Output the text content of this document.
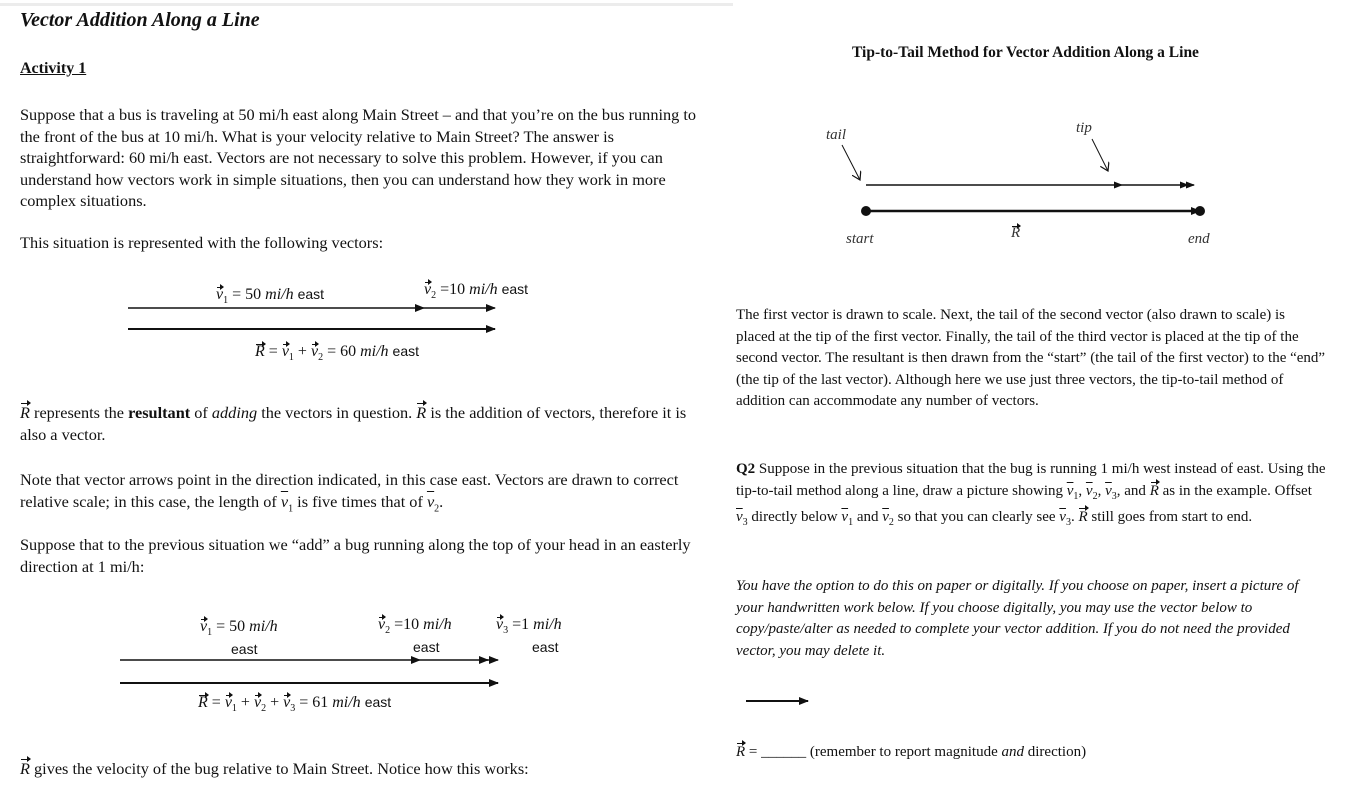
Vector Addition Along a Line
Activity 1
Suppose that a bus is traveling at 50 mi/h east along Main Street – and that you’re on the bus running to the front of the bus at 10 mi/h. What is your velocity relative to Main Street? The answer is straightforward: 60 mi/h east. Vectors are not necessary to solve this problem. However, if you can understand how vectors work in simple situations, then you can understand how they work in more complex situations.
This situation is represented with the following vectors:
$v_1 = 50$ mi/h east	$v_2 =10$ mi/h east
$R = v_1 + v_2 = 60$ mi/h east
R represents the resultant of adding the vectors in question. R is the addition of vectors, therefore it is also a vector.
Note that vector arrows point in the direction indicated, in this case east. Vectors are drawn to correct relative scale; in this case, the length of $\overline{v}_1$ is five times that of $\overline{v}_2$.
Suppose that to the previous situation we “add” a bug running along the top of your head in an easterly direction at 1 mi/h:
$v_1 = 50$ mi/h
east
$v_2 =10$ mi/h
east
$v_3 =1$ mi/h
east
$R = v_1 + v_2 + v_3 = 61$ mi/h east
R gives the velocity of the bug relative to Main Street. Notice how this works:
Tip-to-Tail Method for Vector Addition Along a Line
tail	tip
start	R	end
The first vector is drawn to scale. Next, the tail of the second vector (also drawn to scale) is placed at the tip of the first vector. Finally, the tail of the third vector is placed at the tip of the second vector. The resultant is then drawn from the “start” (the tail of the first vector) to the “end” (the tip of the last vector). Although here we use just three vectors, the tip-to-tail method of addition can accommodate any number of vectors.
Q2 Suppose in the previous situation that the bug is running 1 mi/h west instead of east. Using the tip-to-tail method along a line, draw a picture showing $\overline{v}_1$, $\overline{v}_2$, $\overline{v}_3$, and R as in the example. Offset $\overline{v}_3$ directly below $\overline{v}_1$ and $\overline{v}_2$ so that you can clearly see $\overline{v}_3$. R still goes from start to end.
You have the option to do this on paper or digitally. If you choose on paper, insert a picture of your handwritten work below. If you choose digitally, you may use the vector below to copy/paste/alter as needed to complete your vector addition. If you do not need the provided vector, you may delete it.
R = ______ (remember to report magnitude and direction)
